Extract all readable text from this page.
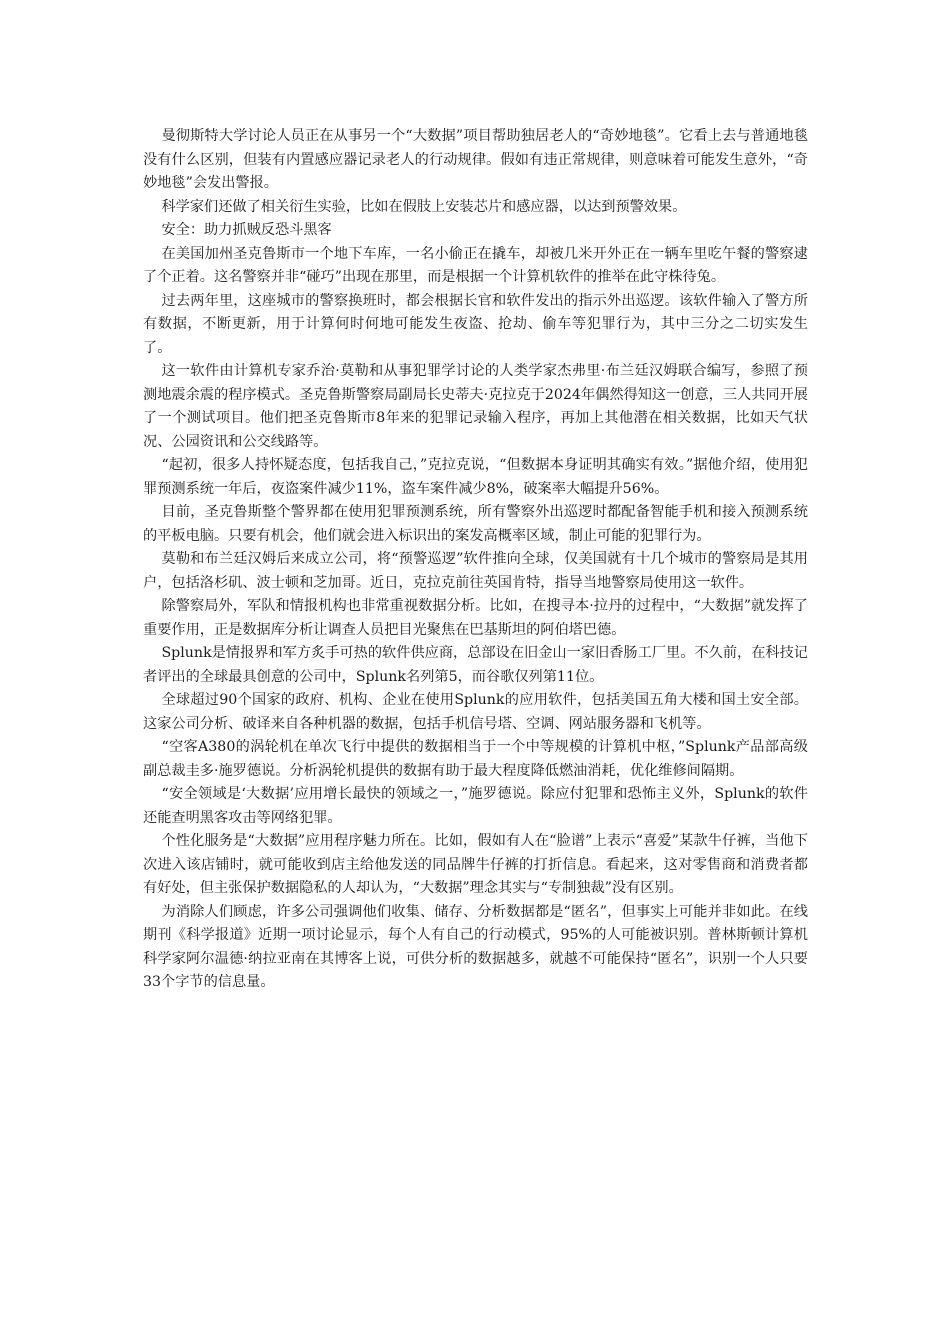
曼彻斯特大学讨论人员正在从事另一个“大数据”项目帮助独居老人的“奇妙地毯”。它看上去与普通地毯没有什么区别，但装有内置感应器记录老人的行动规律。假如有违正常规律，则意味着可能发生意外，“奇妙地毯”会发出警报。

科学家们还做了相关衍生实验，比如在假肢上安装芯片和感应器，以达到预警效果。

安全：助力抓贼反恐斗黑客

在美国加州圣克鲁斯市一个地下车库，一名小偷正在撬车，却被几米开外正在一辆车里吃午餐的警察逮了个正着。这名警察并非“碰巧”出现在那里，而是根据一个计算机软件的推举在此守株待兔。

过去两年里，这座城市的警察换班时，都会根据长官和软件发出的指示外出巡逻。该软件输入了警方所有数据，不断更新，用于计算何时何地可能发生夜盗、抢劫、偷车等犯罪行为，其中三分之二切实发生了。

这一软件由计算机专家乔治·莫勒和从事犯罪学讨论的人类学家杰弗里·布兰廷汉姆联合编写，参照了预测地震余震的程序模式。圣克鲁斯警察局副局长史蒂夫·克拉克于2024年偶然得知这一创意，三人共同开展了一个测试项目。他们把圣克鲁斯市8年来的犯罪记录输入程序，再加上其他潜在相关数据，比如天气状况、公园资讯和公交线路等。

“起初，很多人持怀疑态度，包括我自己，”克拉克说，“但数据本身证明其确实有效。”据他介绍，使用犯罪预测系统一年后，夜盗案件减少11%，盗车案件减少8%，破案率大幅提升56%。

目前，圣克鲁斯整个警界都在使用犯罪预测系统，所有警察外出巡逻时都配备智能手机和接入预测系统的平板电脑。只要有机会，他们就会进入标识出的案发高概率区域，制止可能的犯罪行为。

莫勒和布兰廷汉姆后来成立公司，将“预警巡逻”软件推向全球，仅美国就有十几个城市的警察局是其用户，包括洛杉矶、波士顿和芝加哥。近日，克拉克前往英国肯特，指导当地警察局使用这一软件。

除警察局外，军队和情报机构也非常重视数据分析。比如，在搜寻本·拉丹的过程中，“大数据”就发挥了重要作用，正是数据库分析让调查人员把目光聚焦在巴基斯坦的阿伯塔巴德。

Splunk是情报界和军方炙手可热的软件供应商，总部设在旧金山一家旧香肠工厂里。不久前，在科技记者评出的全球最具创意的公司中，Splunk名列第5，而谷歌仅列第11位。

全球超过90个国家的政府、机构、企业在使用Splunk的应用软件，包括美国五角大楼和国土安全部。这家公司分析、破译来自各种机器的数据，包括手机信号塔、空调、网站服务器和飞机等。

“空客A380的涡轮机在单次飞行中提供的数据相当于一个中等规模的计算机中枢，”Splunk产品部高级副总裁圭多·施罗德说。分析涡轮机提供的数据有助于最大程度降低燃油消耗，优化维修间隔期。

“安全领域是‘大数据’应用增长最快的领域之一，”施罗德说。除应付犯罪和恐怖主义外，Splunk的软件还能查明黑客攻击等网络犯罪。

个性化服务是“大数据”应用程序魅力所在。比如，假如有人在“脸谱”上表示“喜爱”某款牛仔裤，当他下次进入该店铺时，就可能收到店主给他发送的同品牌牛仔裤的打折信息。看起来，这对零售商和消费者都有好处，但主张保护数据隐私的人却认为，“大数据”理念其实与“专制独裁”没有区别。

为消除人们顾虑，许多公司强调他们收集、储存、分析数据都是“匿名”，但事实上可能并非如此。在线期刊《科学报道》近期一项讨论显示，每个人有自己的行动模式，95%的人可能被识别。普林斯顿计算机科学家阿尔温德·纳拉亚南在其博客上说，可供分析的数据越多，就越不可能保持“匿名”，识别一个人只要33个字节的信息量。
